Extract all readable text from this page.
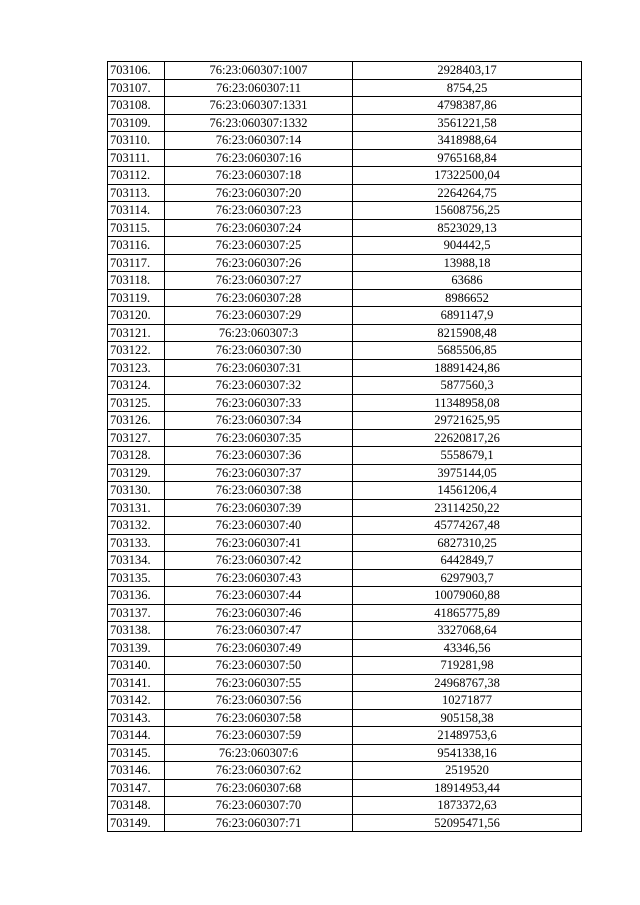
703106.	76:23:060307:1007	2928403,17
703107.	76:23:060307:11	8754,25
703108.	76:23:060307:1331	4798387,86
703109.	76:23:060307:1332	3561221,58
703110.	76:23:060307:14	3418988,64
703111.	76:23:060307:16	9765168,84
703112.	76:23:060307:18	17322500,04
703113.	76:23:060307:20	2264264,75
703114.	76:23:060307:23	15608756,25
703115.	76:23:060307:24	8523029,13
703116.	76:23:060307:25	904442,5
703117.	76:23:060307:26	13988,18
703118.	76:23:060307:27	63686
703119.	76:23:060307:28	8986652
703120.	76:23:060307:29	6891147,9
703121.	76:23:060307:3	8215908,48
703122.	76:23:060307:30	5685506,85
703123.	76:23:060307:31	18891424,86
703124.	76:23:060307:32	5877560,3
703125.	76:23:060307:33	11348958,08
703126.	76:23:060307:34	29721625,95
703127.	76:23:060307:35	22620817,26
703128.	76:23:060307:36	5558679,1
703129.	76:23:060307:37	3975144,05
703130.	76:23:060307:38	14561206,4
703131.	76:23:060307:39	23114250,22
703132.	76:23:060307:40	45774267,48
703133.	76:23:060307:41	6827310,25
703134.	76:23:060307:42	6442849,7
703135.	76:23:060307:43	6297903,7
703136.	76:23:060307:44	10079060,88
703137.	76:23:060307:46	41865775,89
703138.	76:23:060307:47	3327068,64
703139.	76:23:060307:49	43346,56
703140.	76:23:060307:50	719281,98
703141.	76:23:060307:55	24968767,38
703142.	76:23:060307:56	10271877
703143.	76:23:060307:58	905158,38
703144.	76:23:060307:59	21489753,6
703145.	76:23:060307:6	9541338,16
703146.	76:23:060307:62	2519520
703147.	76:23:060307:68	18914953,44
703148.	76:23:060307:70	1873372,63
703149.	76:23:060307:71	52095471,56
